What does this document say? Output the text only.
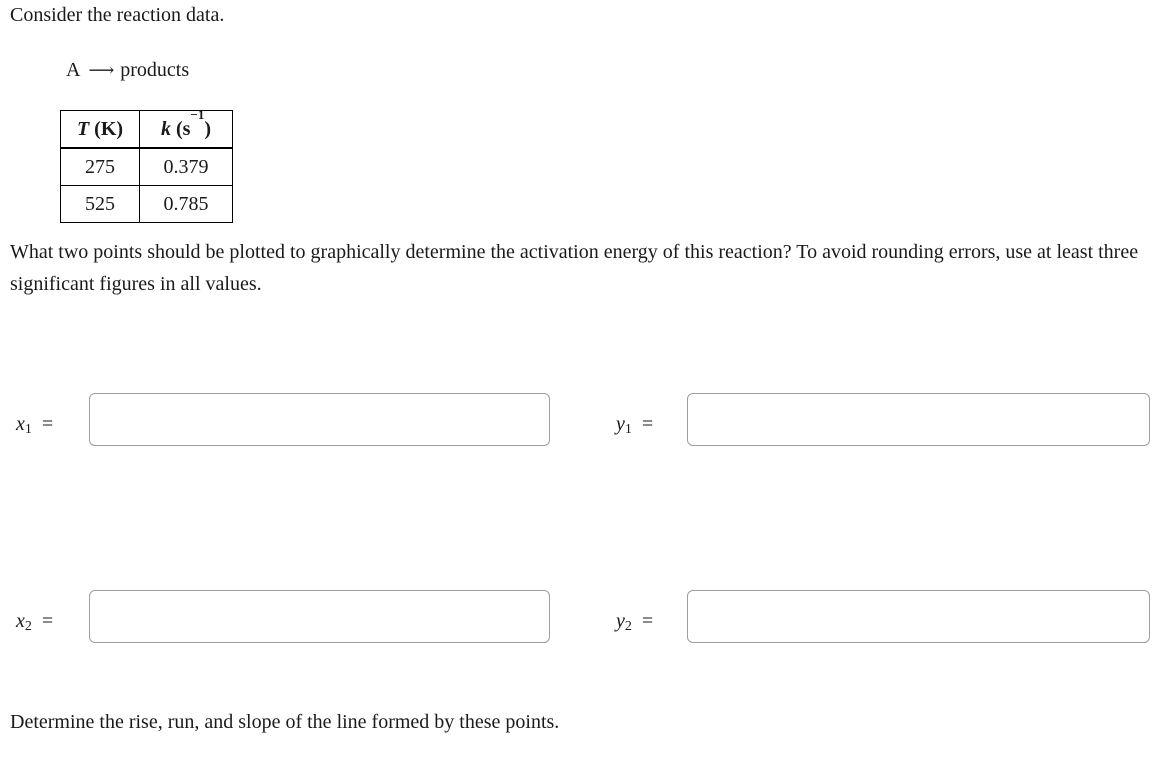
Consider the reaction data.
A ⟶ products
T (K)	k $(s^{-1})$
275	0.379
525	0.785
What two points should be plotted to graphically determine the activation energy of this reaction? To avoid rounding errors, use at least three significant figures in all values.
$x_1$ =	$y_1$ =
$x_2$ =	$y_2$ =
Determine the rise, run, and slope of the line formed by these points.
